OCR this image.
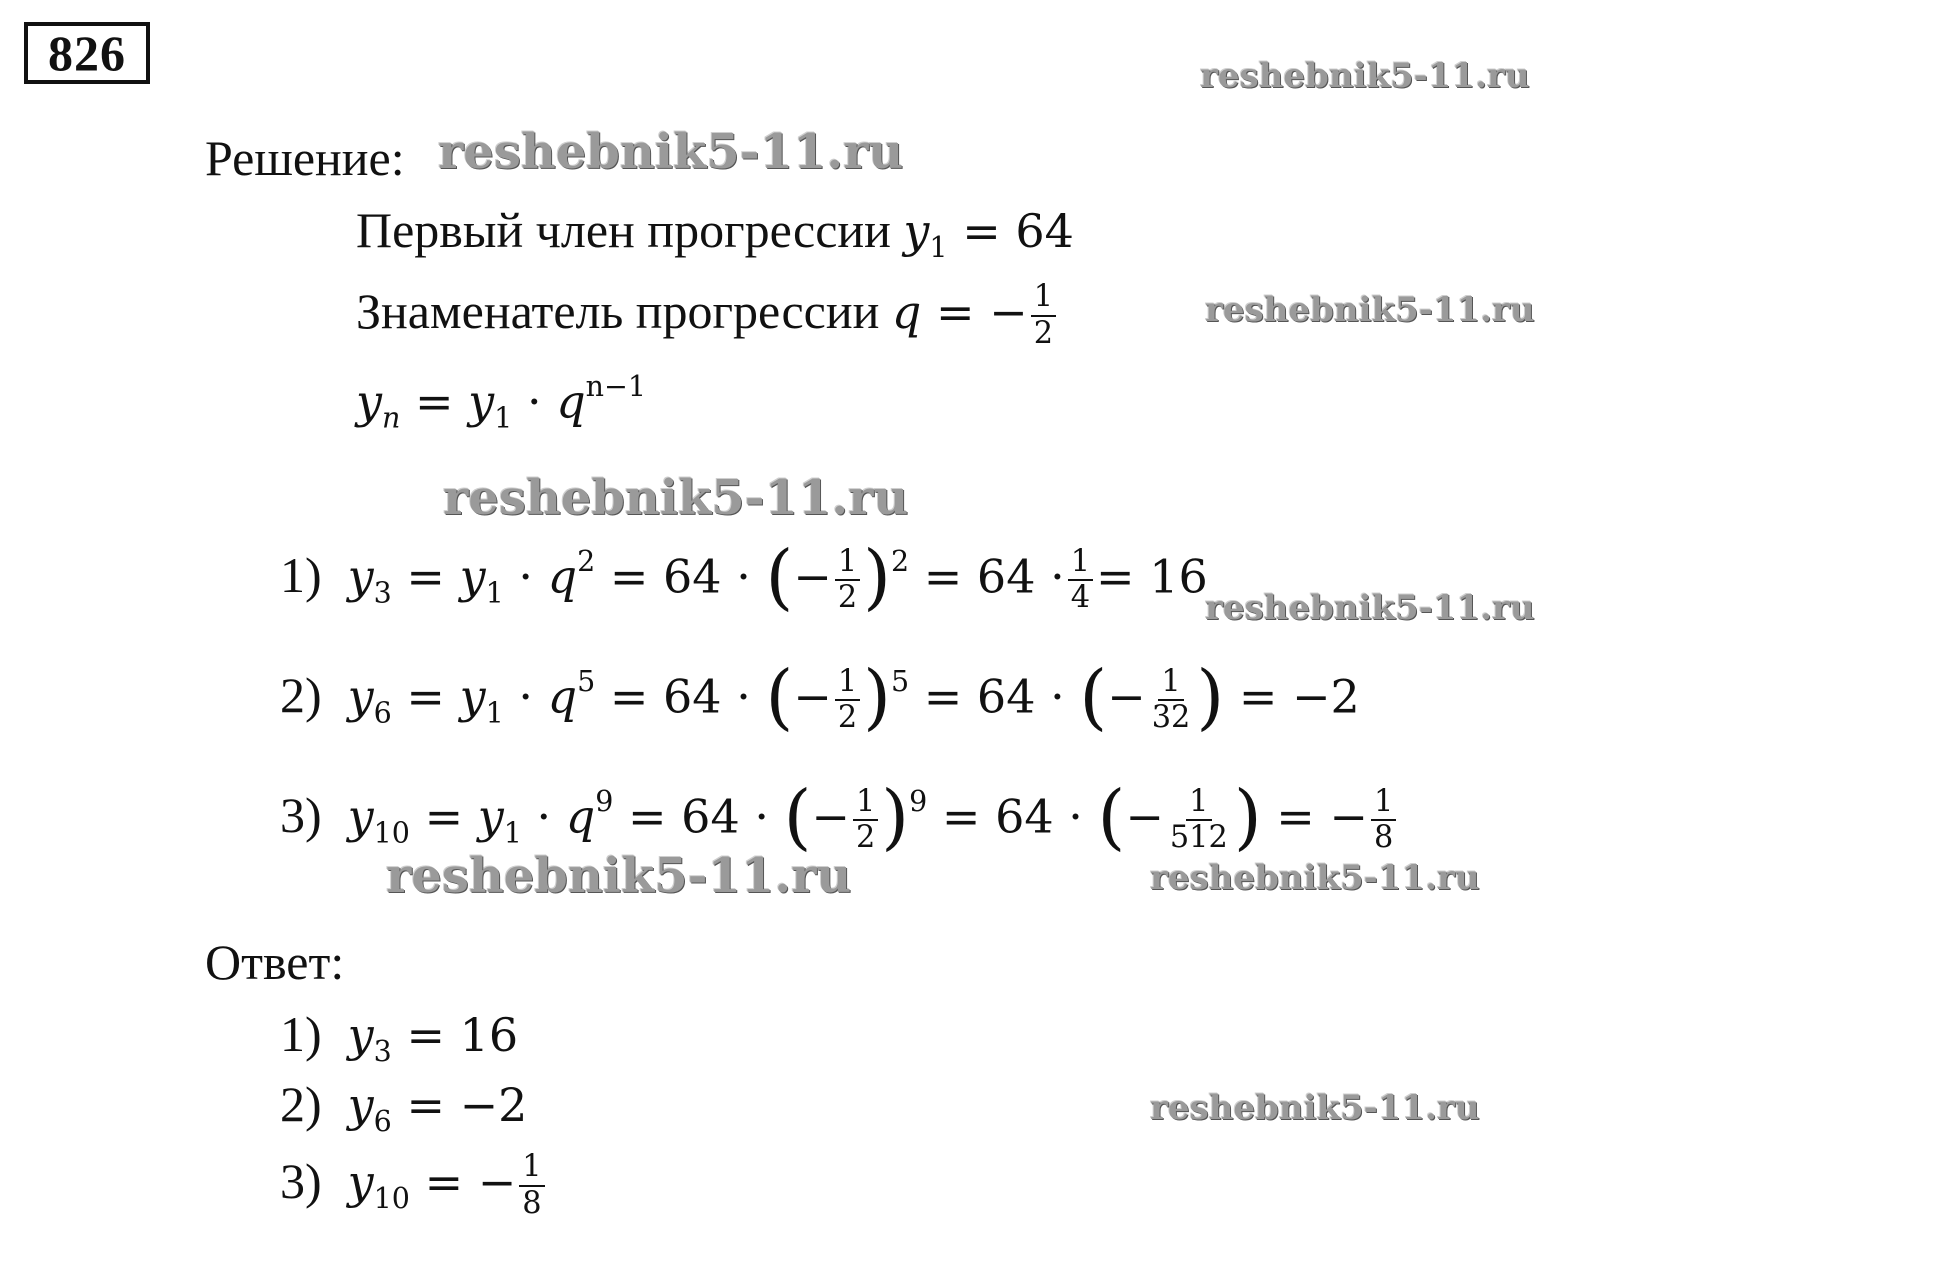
826	reshebnik5-11.ru
reshebnik5-11.ru
reshebnik5-11.ru
reshebnik5-11.ru
reshebnik5-11.ru
reshebnik5-11.ru	reshebnik5-11.ru
reshebnik5-11.ru
Решение:
Первый член прогрессии $y_1 = 64$
Знаменатель прогрессии q = − $\frac{1}{2}$
$y_n = y_1 \cdot q^{n-1}$
1) $y_3 = y_1 \cdot q^2 = 64$ · (− $\frac{1}{2} )^2 = 64 \cdot \frac{1}{4} = 16$
2) $y_6 = y_1 \cdot q^5 = 64$ · (− $\frac{1}{2} )^5 = 64$ · (− $\frac{1}{32}$ ) = −2
3) $y_{10} = y_1 \cdot q^9 = 64$ · (− $\frac{1}{2} )^9 = 64$ · (− $\frac{1}{512}$ ) = − $\frac{1}{8}$
Ответ:
1) $y_3 = 16$
2) $y_6 = -2$
3) $y_{10}$ = − $\frac{1}{8}$
